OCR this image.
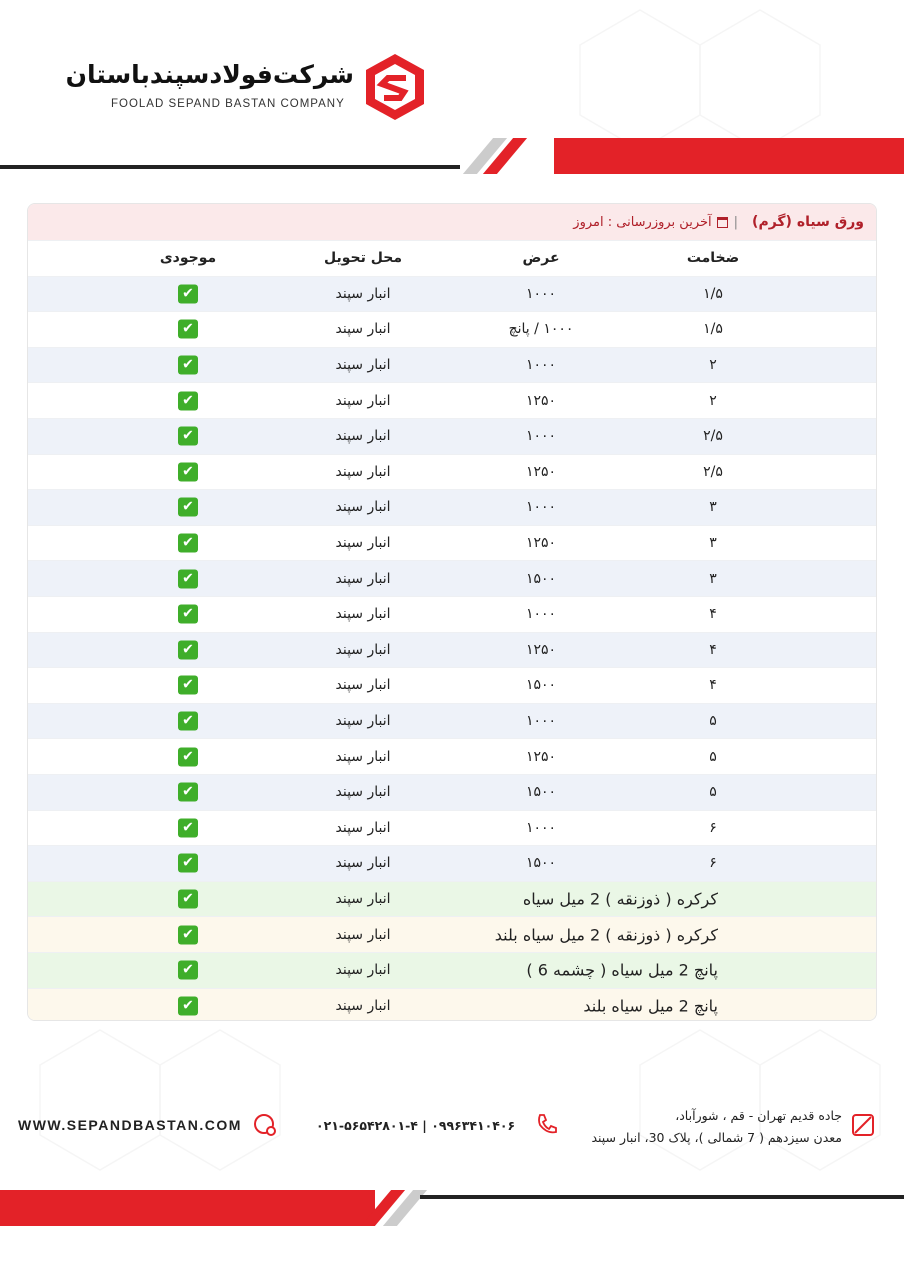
شرکت‌فولادسپندباستان
FOOLAD SEPAND BASTAN COMPANY
ورق سیاه (گرم)
|
آخرین بروزرسانی : امروز
ضخامت
عرض
محل تحویل
موجودی
۱/۵
۱۰۰۰
انبار سپند
✔
۱/۵
۱۰۰۰ / پانچ
انبار سپند
✔
۲
۱۰۰۰
انبار سپند
✔
۲
۱۲۵۰
انبار سپند
✔
۲/۵
۱۰۰۰
انبار سپند
✔
۲/۵
۱۲۵۰
انبار سپند
✔
۳
۱۰۰۰
انبار سپند
✔
۳
۱۲۵۰
انبار سپند
✔
۳
۱۵۰۰
انبار سپند
✔
۴
۱۰۰۰
انبار سپند
✔
۴
۱۲۵۰
انبار سپند
✔
۴
۱۵۰۰
انبار سپند
✔
۵
۱۰۰۰
انبار سپند
✔
۵
۱۲۵۰
انبار سپند
✔
۵
۱۵۰۰
انبار سپند
✔
۶
۱۰۰۰
انبار سپند
✔
۶
۱۵۰۰
انبار سپند
✔
کرکره ( ذوزنقه ) 2 میل سیاه
انبار سپند
✔
کرکره ( ذوزنقه ) 2 میل سیاه بلند
انبار سپند
✔
پانچ 2 میل سیاه ( چشمه 6 )
انبار سپند
✔
پانچ 2 میل سیاه بلند
انبار سپند
✔
جاده قدیم تهران - قم ، شورآباد،
معدن سیزدهم ( 7 شمالی )، پلاک 30، انبار سپند
۰۲۱-۵۶۵۴۲۸۰۱-۴ | ۰۹۹۶۳۴۱۰۴۰۶
WWW.SEPANDBASTAN.COM
